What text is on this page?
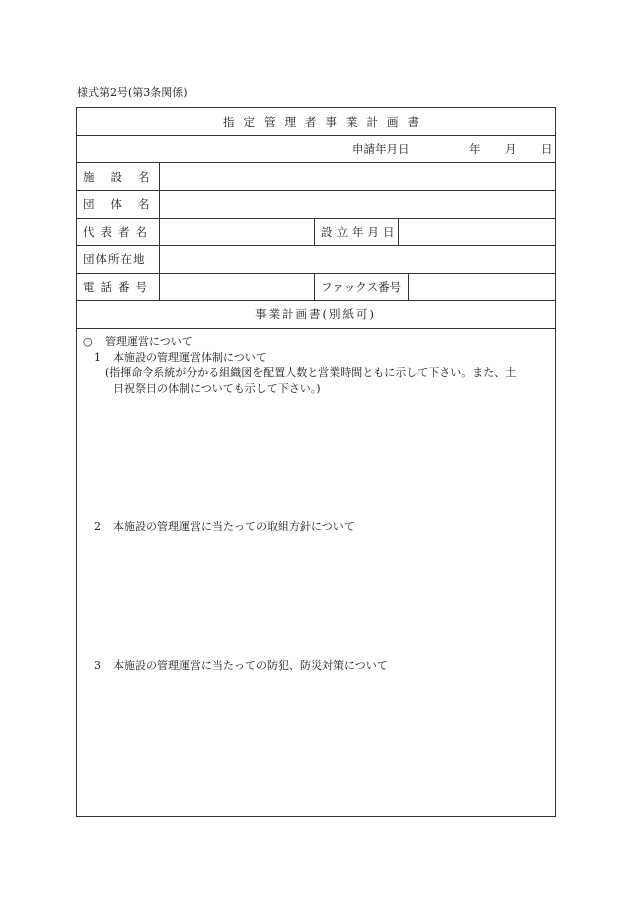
様式第2号(第3条関係)
指定管理者事業計画書
申請年月日	年 月 日
施設名
団体名
代表者名	設立年月日
団体所在地
電話番号	ファックス番号
事業計画書(別紙可)
○ 管理運営について
1 本施設の管理運営体制について
(指揮命令系統が分かる組織図を配置人数と営業時間ともに示して下さい。また、土
日祝祭日の体制についても示して下さい。)
2 本施設の管理運営に当たっての取組方針について
3 本施設の管理運営に当たっての防犯、防災対策について
